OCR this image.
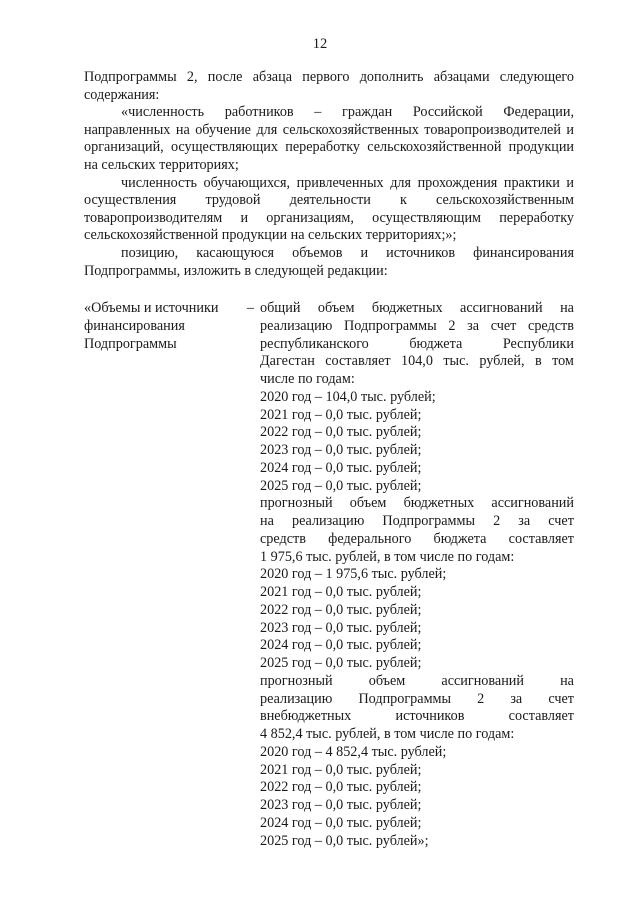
12

Подпрограммы 2, после абзаца первого дополнить абзацами следующего содержания:

«численность работников – граждан Российской Федерации, направленных на обучение для сельскохозяйственных товаропроизводителей и организаций, осуществляющих переработку сельскохозяйственной продукции на сельских территориях;

численность обучающихся, привлеченных для прохождения практики и осуществления трудовой деятельности к сельскохозяйственным товаропроизводителям и организациям, осуществляющим переработку сельскохозяйственной продукции на сельских территориях;»;

позицию, касающуюся объемов и источников финансирования Подпрограммы, изложить в следующей редакции:

«Объемы и источники –
финансирования
Подпрограммы
общий объем бюджетных ассигнований на
реализацию Подпрограммы 2 за счет средств
республиканского	бюджета	Республики
Дагестан составляет 104,0 тыс. рублей, в том
числе по годам:
2020 год – 104,0 тыс. рублей;
2021 год – 0,0 тыс. рублей;
2022 год – 0,0 тыс. рублей;
2023 год – 0,0 тыс. рублей;
2024 год – 0,0 тыс. рублей;
2025 год – 0,0 тыс. рублей;
прогнозный объем бюджетных ассигнований
на реализацию Подпрограммы 2 за счет
средств федерального бюджета составляет
1 975,6 тыс. рублей, в том числе по годам:
2020 год – 1 975,6 тыс. рублей;
2021 год – 0,0 тыс. рублей;
2022 год – 0,0 тыс. рублей;
2023 год – 0,0 тыс. рублей;
2024 год – 0,0 тыс. рублей;
2025 год – 0,0 тыс. рублей;
прогнозный	объем	ассигнований	на
реализацию Подпрограммы 2 за счет
внебюджетных	источников	составляет
4 852,4 тыс. рублей, в том числе по годам:
2020 год – 4 852,4 тыс. рублей;
2021 год – 0,0 тыс. рублей;
2022 год – 0,0 тыс. рублей;
2023 год – 0,0 тыс. рублей;
2024 год – 0,0 тыс. рублей;
2025 год – 0,0 тыс. рублей»;
